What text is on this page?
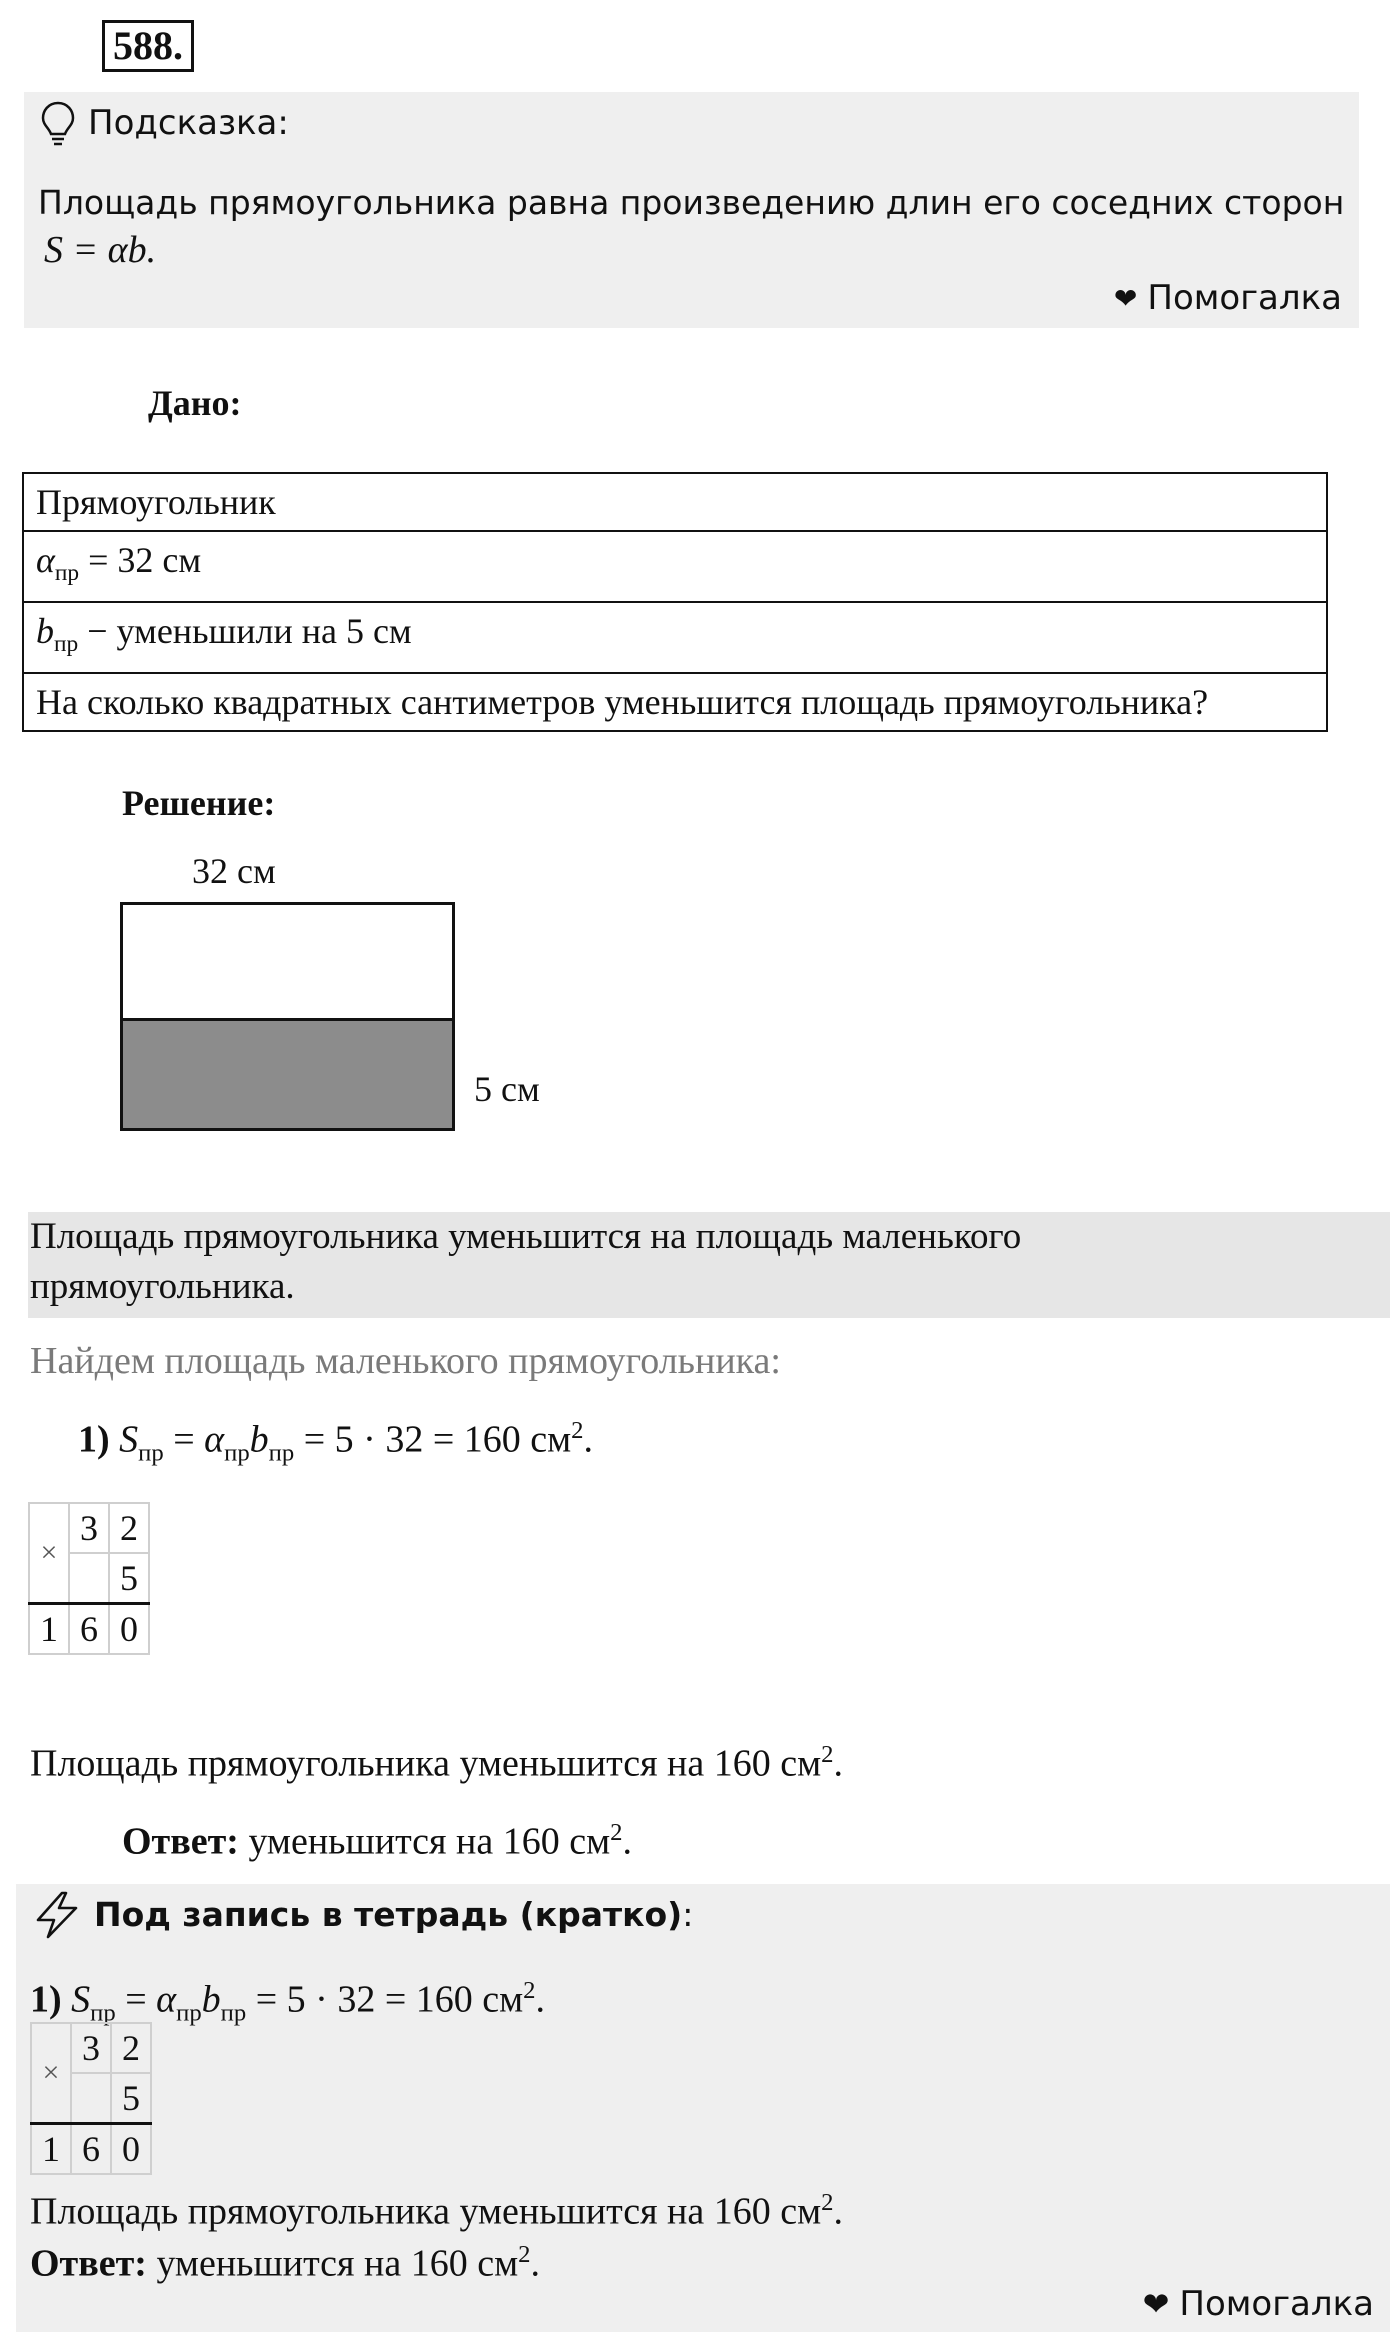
588.
Подсказка:
Площадь прямоугольника равна произведению длин его соседних сторон
S = αb.
❤ Помогалка
Дано:
Прямоугольник
$\alpha_{пр} = 32$ см
$b_{пр}$ − уменьшили на 5 см
На сколько квадратных сантиметров уменьшится площадь прямоугольника?
Решение:
32 см
5 см
Площадь прямоугольника уменьшится на площадь маленького прямоугольника.
Найдем площадь маленького прямоугольника:
1) $S_{пр} = \alpha_{пр}b_{пр} = 5 \cdot 32 = 160$ $см^2$.
×	3	2
		5
1	6	0
Площадь прямоугольника уменьшится на 160 $см^2$.
Ответ: уменьшится на 160 $см^2$.
Под запись в тетрадь (кратко):
1) $S_{пр} = \alpha_{пр}b_{пр} = 5 \cdot 32 = 160$ $см^2$.
×	3	2
		5
1	6	0
Площадь прямоугольника уменьшится на 160 $см^2$.
Ответ: уменьшится на 160 $см^2$.
❤ Помогалка
